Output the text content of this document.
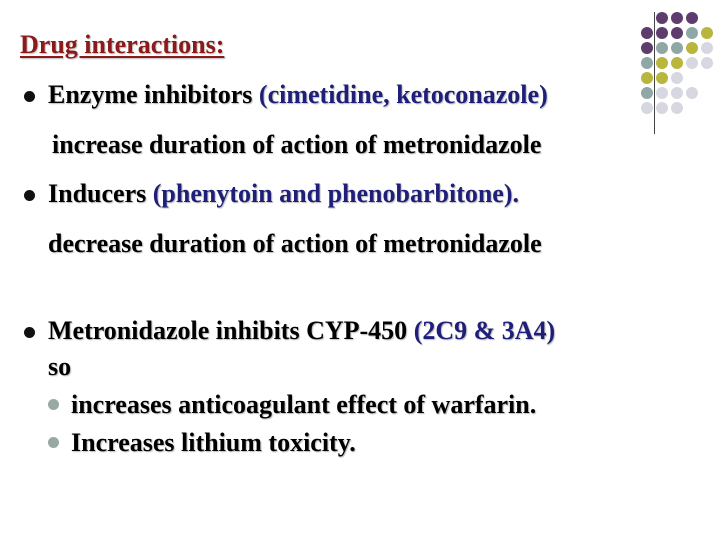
Drug interactions:
Enzyme inhibitors (cimetidine, ketoconazole)
increase duration of action of metronidazole
Inducers (phenytoin and phenobarbitone).
decrease duration of action of metronidazole
Metronidazole inhibits CYP-450 (2C9 & 3A4)
so
increases anticoagulant effect of warfarin.
Increases lithium toxicity.
